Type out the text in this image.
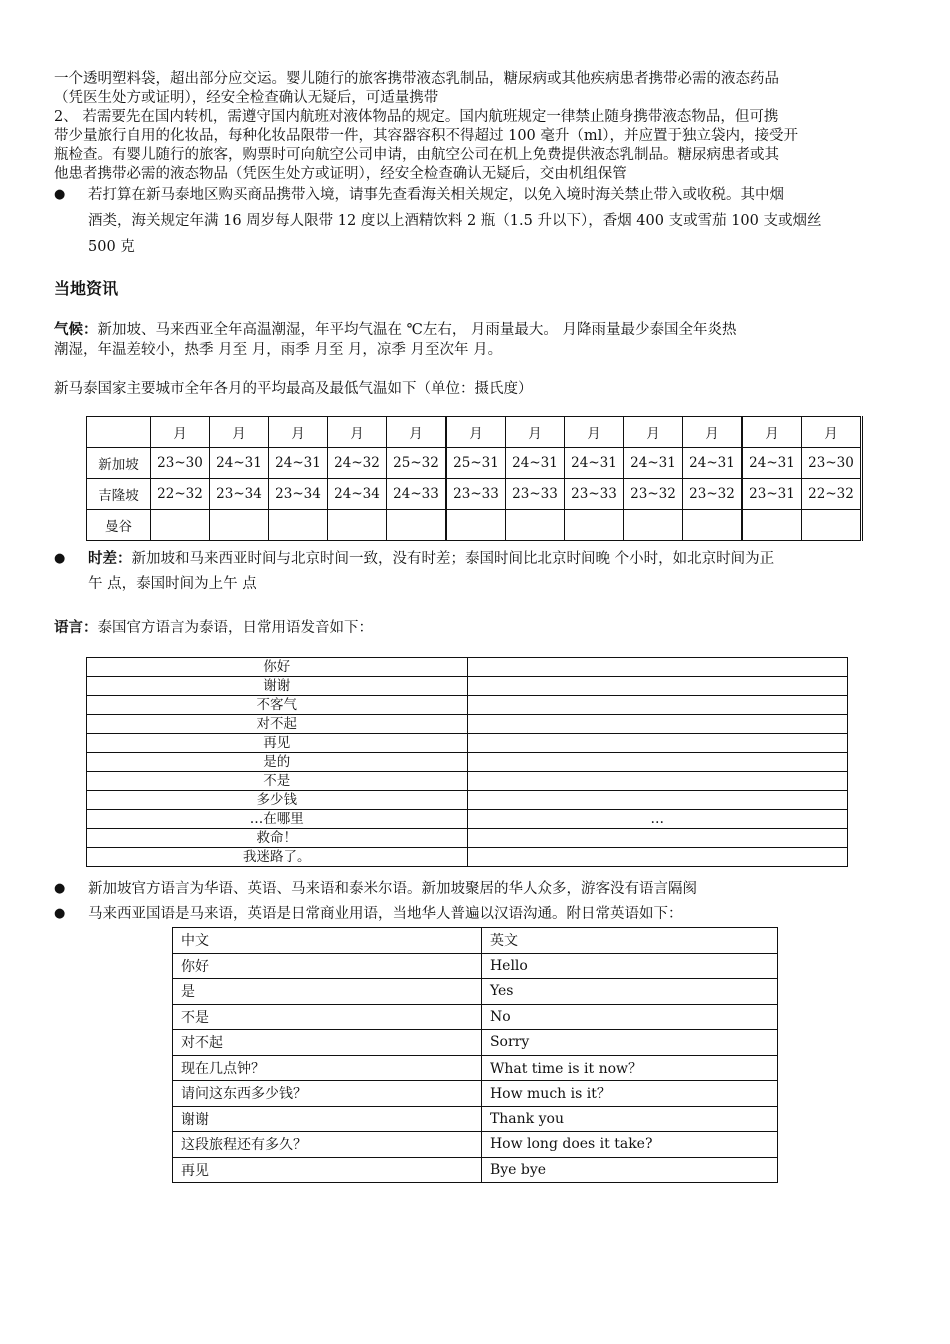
一个透明塑料袋，超出部分应交运。婴儿随行的旅客携带液态乳制品，糖尿病或其他疾病患者携带必需的液态药品
（凭医生处方或证明），经安全检查确认无疑后，可适量携带
2、 若需要先在国内转机，需遵守国内航班对液体物品的规定。国内航班规定一律禁止随身携带液态物品，但可携
带少量旅行自用的化妆品，每种化妆品限带一件，其容器容积不得超过 100 毫升（ml），并应置于独立袋内，接受开
瓶检查。有婴儿随行的旅客，购票时可向航空公司申请，由航空公司在机上免费提供液态乳制品。糖尿病患者或其
他患者携带必需的液态物品（凭医生处方或证明），经安全检查确认无疑后，交由机组保管
● 若打算在新马泰地区购买商品携带入境，请事先查看海关相关规定，以免入境时海关禁止带入或收税。其中烟
酒类，海关规定年满 16 周岁每人限带 12 度以上酒精饮料 2 瓶（1.5 升以下），香烟 400 支或雪茄 100 支或烟丝
500 克
当地资讯
气候：新加坡、马来西亚全年高温潮湿，年平均气温在 ℃左右， 月雨量最大。 月降雨量最少泰国全年炎热
潮湿，年温差较小，热季 月至 月，雨季 月至 月，凉季 月至次年 月。
新马泰国家主要城市全年各月的平均最高及最低气温如下（单位：摄氏度）
	月	月	月	月	月	月	月	月	月	月	月	月
新加坡	23~30	24~31	24~31	24~32	25~32	25~31	24~31	24~31	24~31	24~31	24~31	23~30
吉隆坡	22~32	23~34	23~34	24~34	24~33	23~33	23~33	23~33	23~32	23~32	23~31	22~32
曼谷												
● 时差：新加坡和马来西亚时间与北京时间一致，没有时差；泰国时间比北京时间晚 个小时，如北京时间为正
午 点，泰国时间为上午 点
语言：泰国官方语言为泰语，日常用语发音如下：
你好	
谢谢	
不客气	
对不起	
再见	
是的	
不是	
多少钱	
…在哪里	…
救命！	
我迷路了。	
● 新加坡官方语言为华语、英语、马来语和泰米尔语。新加坡聚居的华人众多，游客没有语言隔阂
● 马来西亚国语是马来语，英语是日常商业用语，当地华人普遍以汉语沟通。附日常英语如下：
中文	英文
你好	Hello
是	Yes
不是	No
对不起	Sorry
现在几点钟？	What time is it now？
请问这东西多少钱？	How much is it？
谢谢	Thank you
这段旅程还有多久？	How long does it take?
再见	Bye bye
